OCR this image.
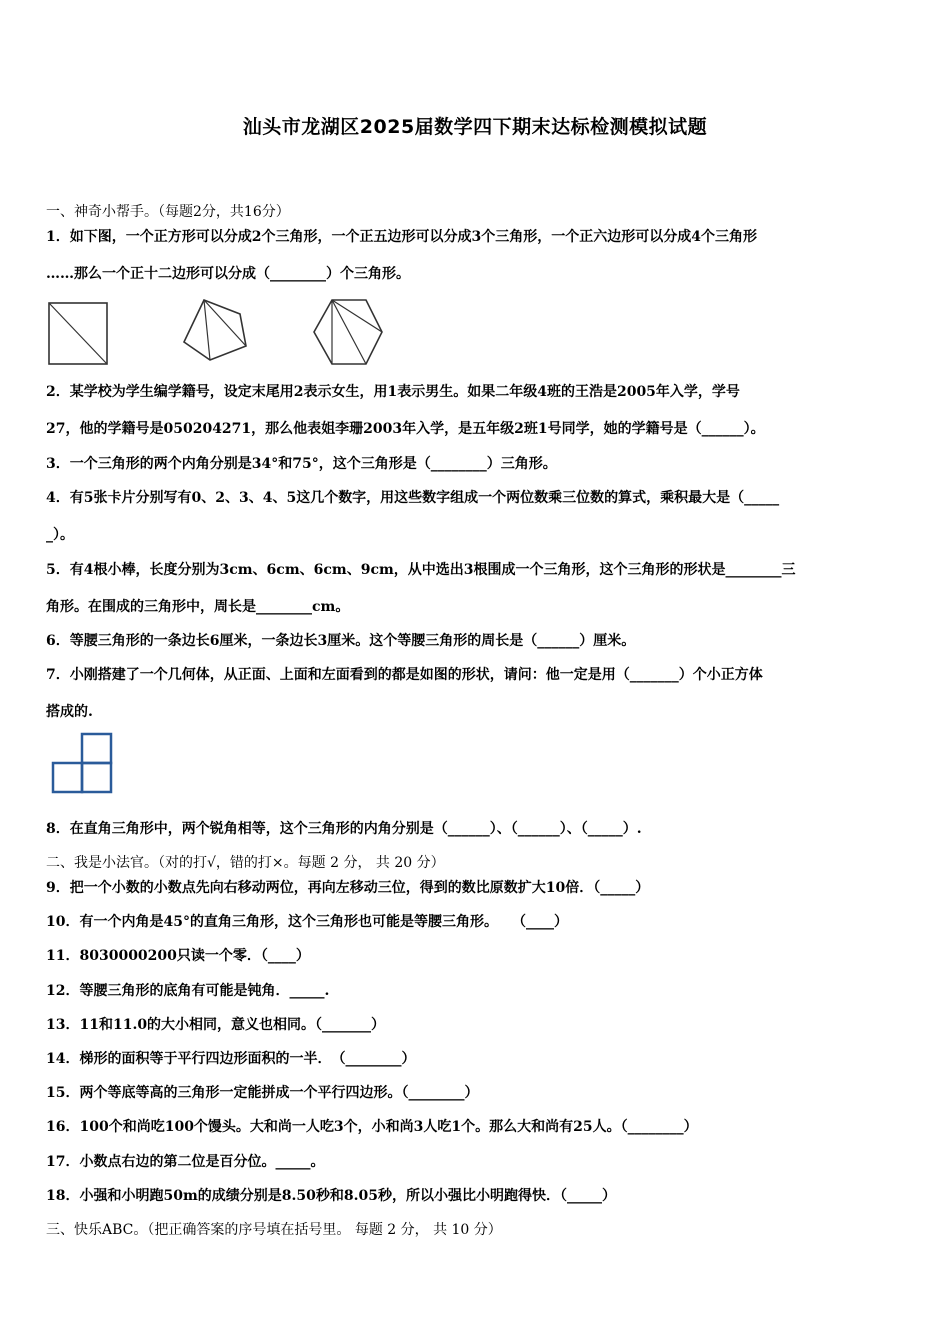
汕头市龙湖区2025届数学四下期末达标检测模拟试题
一、神奇小帮手。（每题2分，共16分）
1．如下图，一个正方形可以分成2个三角形，一个正五边形可以分成3个三角形，一个正六边形可以分成4个三角形
……那么一个正十二边形可以分成（________）个三角形。
2．某学校为学生编学籍号，设定末尾用2表示女生，用1表示男生。如果二年级4班的王浩是2005年入学，学号
27，他的学籍号是050204271，那么他表姐李珊2003年入学，是五年级2班1号同学，她的学籍号是（______）。
3．一个三角形的两个内角分别是34°和75°，这个三角形是（________）三角形。
4．有5张卡片分别写有0、2、3、4、5这几个数字，用这些数字组成一个两位数乘三位数的算式，乘积最大是（_____
_）。
5．有4根小棒，长度分别为3cm、6cm、6cm、9cm，从中选出3根围成一个三角形，这个三角形的形状是________三
角形。在围成的三角形中，周长是________cm。
6．等腰三角形的一条边长6厘米，一条边长3厘米。这个等腰三角形的周长是（______）厘米。
7．小刚搭建了一个几何体，从正面、上面和左面看到的都是如图的形状，请问：他一定是用（_______）个小正方体
搭成的.
8．在直角三角形中，两个锐角相等，这个三角形的内角分别是（______）、（______）、（_____）.
二、我是小法官。（对的打√，错的打×。每题 2 分， 共 20 分）
9．把一个小数的小数点先向右移动两位，再向左移动三位，得到的数比原数扩大10倍．（_____）
10．有一个内角是45°的直角三角形，这个三角形也可能是等腰三角形。　　（____）
11．8030000200只读一个零．（____）
12．等腰三角形的底角有可能是钝角．_____.
13．11和11.0的大小相同，意义也相同。（_______）
14．梯形的面积等于平行四边形面积的一半．　（________）
15．两个等底等高的三角形一定能拼成一个平行四边形。（________）
16．100个和尚吃100个馒头。大和尚一人吃3个，小和尚3人吃1个。那么大和尚有25人。（________）
17．小数点右边的第二位是百分位。_____。
18．小强和小明跑50m的成绩分别是8.50秒和8.05秒，所以小强比小明跑得快．（_____）
三、快乐ABC。（把正确答案的序号填在括号里。 每题 2 分， 共 10 分）
